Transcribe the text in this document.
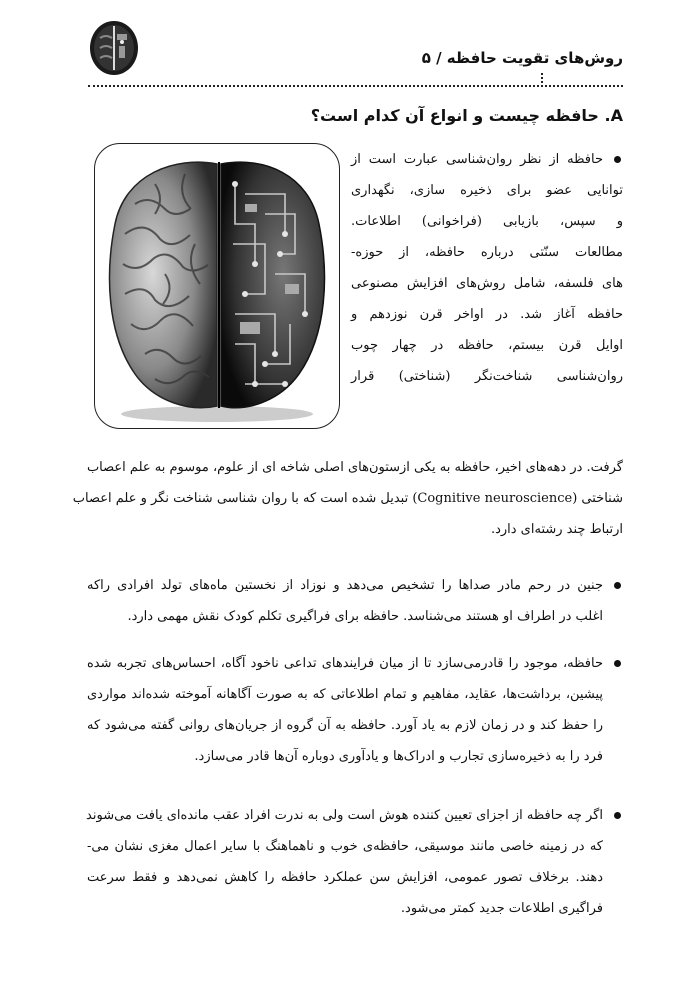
روش‌های تقویت حافظه / ۵
A. حافظه چیست و انواع آن کدام است؟
حافظه از نظر روان‌شناسی عبارت است از
توانایی عضو برای ذخیره سازی، نگهداری
و سپس، بازیابی (فراخوانی) اطلاعات.
مطالعات سنّتی درباره حافظه، از حوزه-
های فلسفه، شامل روش‌های افزایش مصنوعی
حافظه آغاز شد. در اواخر قرن نوزدهم و
اوایل قرن بیستم، حافظه در چهار چوب
روان‌شناسی شناخت‌نگر (شناختی) قرار
گرفت. در دهه‌های اخیر، حافظه به یکی ازستون‌های اصلی شاخه ای از علوم، موسوم به علم اعصاب
شناختی (Cognitive neuroscience) تبدیل شده است که با روان شناسی شناخت نگر و علم اعصاب
ارتباط چند رشته‌ای دارد.
جنین در رحم مادر صداها را تشخیص می‌دهد و نوزاد از نخستین ماه‌های تولد افرادی راکه
اغلب در اطراف او هستند می‌شناسد. حافظه برای فراگیری تکلم کودک نقش مهمی دارد.
حافظه، موجود را قادرمی‌سازد تا از میان فرایندهای تداعی ناخود آگاه، احساس‌های تجربه شده
پیشین، برداشت‌ها، عقاید، مفاهیم و تمام اطلاعاتی که به صورت آگاهانه آموخته شده‌اند مواردی
را حفظ کند و در زمان لازم به یاد آورد. حافظه به آن گروه از جریان‌های روانی گفته می‌شود که
فرد را به ذخیره‌سازی تجارب و ادراک‌ها و یادآوری دوباره آن‌ها قادر می‌سازد.
اگر چه حافظه از اجزای تعیین کننده هوش است ولی به ندرت افراد عقب مانده‌ای یافت می‌شوند
که در زمینه خاصی مانند موسیقی، حافظه‌ی خوب و ناهماهنگ با سایر اعمال مغزی نشان می-
دهند. برخلاف تصور عمومی، افزایش سن عملکرد حافظه را کاهش نمی‌دهد و فقط سرعت
فراگیری اطلاعات جدید کمتر می‌شود.
